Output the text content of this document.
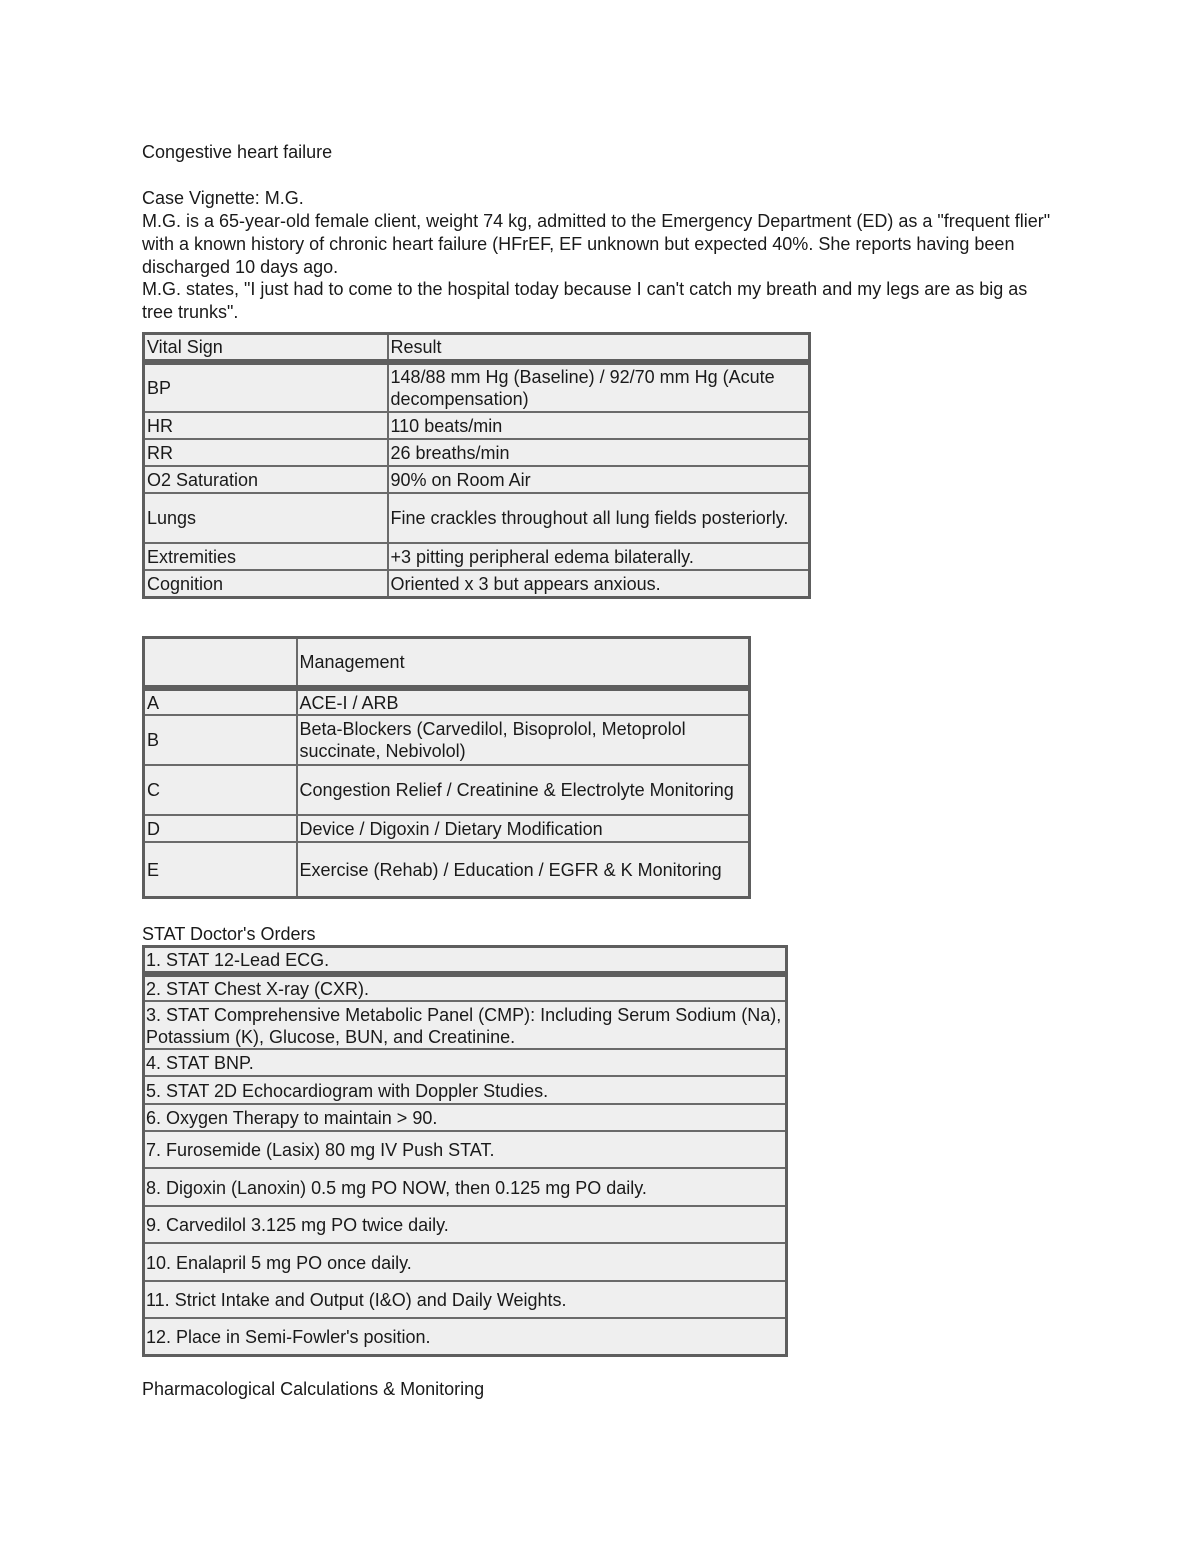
Congestive heart failure
Case Vignette: M.G.
M.G. is a 65-year-old female client, weight 74 kg, admitted to the Emergency Department (ED) as a "frequent flier" with a known history of chronic heart failure (HFrEF, EF unknown but expected 40%. She reports having been discharged 10 days ago.
M.G. states, "I just had to come to the hospital today because I can't catch my breath and my legs are as big as tree trunks".
Vital Sign	Result
BP	148/88 mm Hg (Baseline) / 92/70 mm Hg (Acute decompensation)
HR	110 beats/min
RR	26 breaths/min
O2 Saturation	90% on Room Air
Lungs	Fine crackles throughout all lung fields posteriorly.
Extremities	+3 pitting peripheral edema bilaterally.
Cognition	Oriented x 3 but appears anxious.
	Management
A	ACE-I / ARB
B	Beta-Blockers (Carvedilol, Bisoprolol, Metoprolol succinate, Nebivolol)
C	Congestion Relief / Creatinine & Electrolyte Monitoring
D	Device / Digoxin / Dietary Modification
E	Exercise (Rehab) / Education / EGFR & K Monitoring
STAT Doctor's Orders
1. STAT 12-Lead ECG.
2. STAT Chest X-ray (CXR).
3. STAT Comprehensive Metabolic Panel (CMP): Including Serum Sodium (Na), Potassium (K), Glucose, BUN, and Creatinine.
4. STAT BNP.
5. STAT 2D Echocardiogram with Doppler Studies.
6. Oxygen Therapy to maintain > 90.
7. Furosemide (Lasix) 80 mg IV Push STAT.
8. Digoxin (Lanoxin) 0.5 mg PO NOW, then 0.125 mg PO daily.
9. Carvedilol 3.125 mg PO twice daily.
10. Enalapril 5 mg PO once daily.
11. Strict Intake and Output (I&O) and Daily Weights.
12. Place in Semi-Fowler's position.
Pharmacological Calculations & Monitoring
